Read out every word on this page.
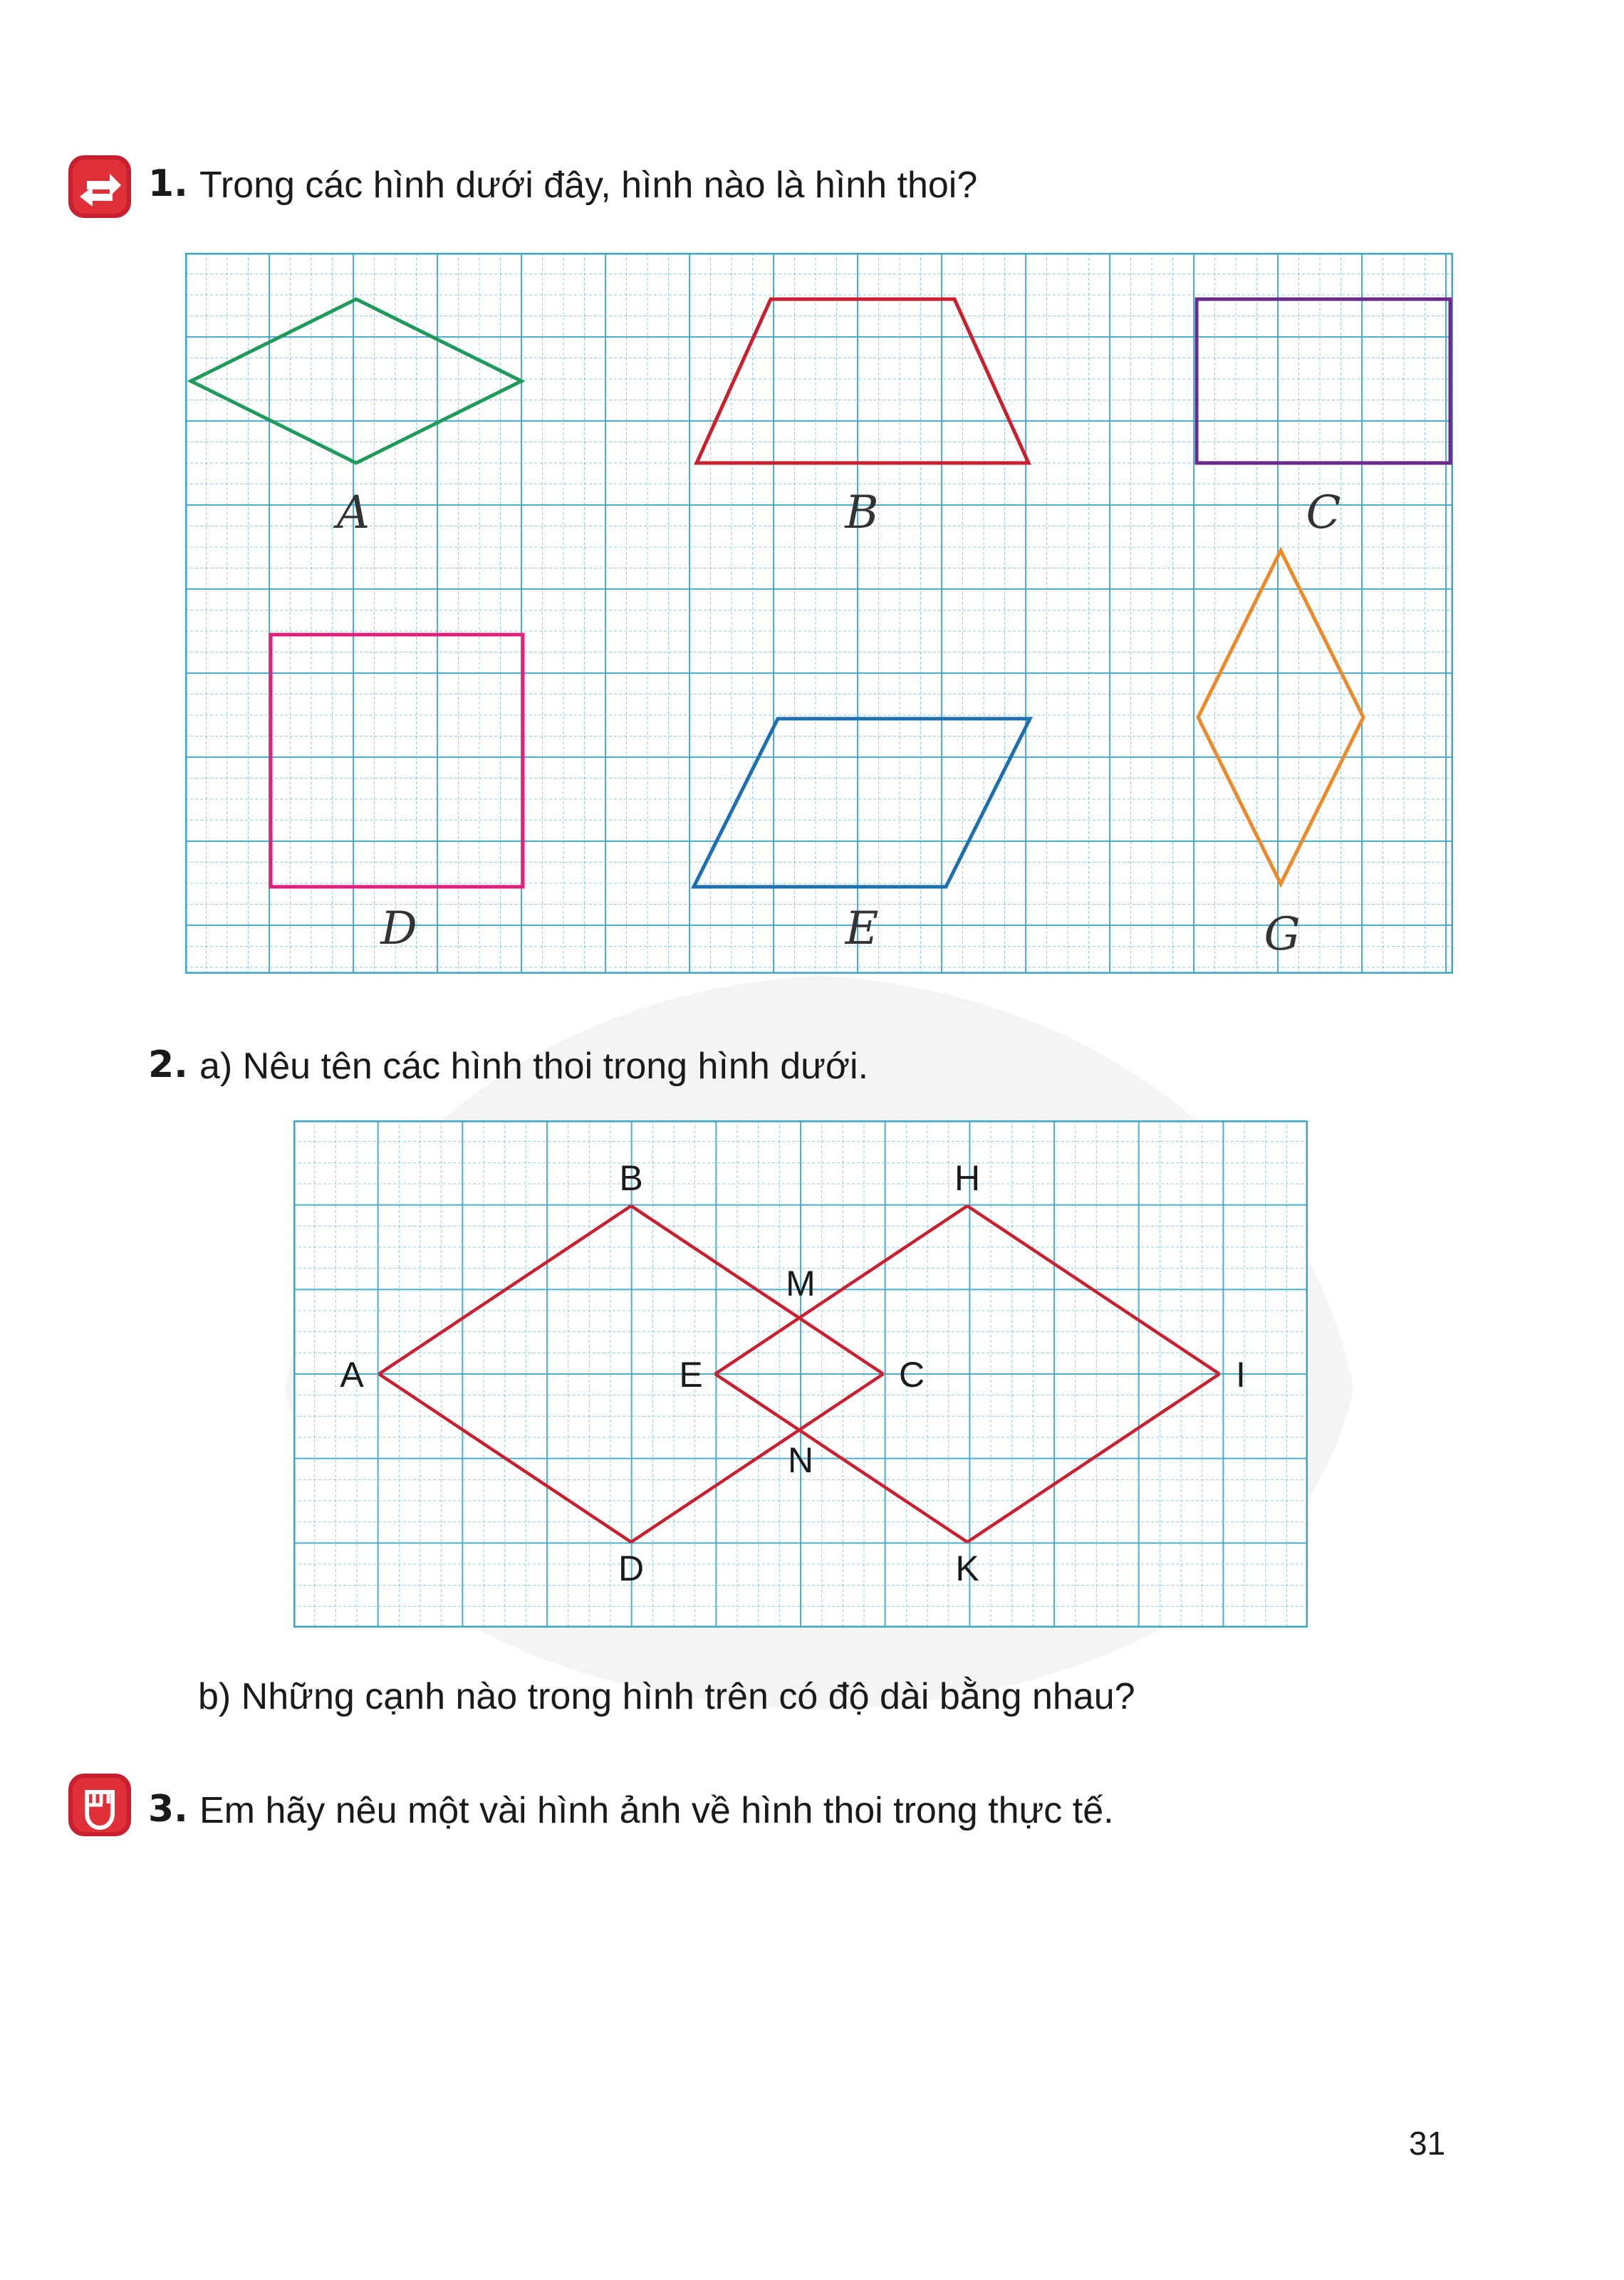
1. Trong các hình dưới đây, hình nào là hình thoi?
A	B	C
D	E	G
2. a) Nêu tên các hình thoi trong hình dưới.
A
B
C
D
E
H
I
K
M
N
b) Những cạnh nào trong hình trên có độ dài bằng nhau?
3. Em hãy nêu một vài hình ảnh về hình thoi trong thực tế.
31
